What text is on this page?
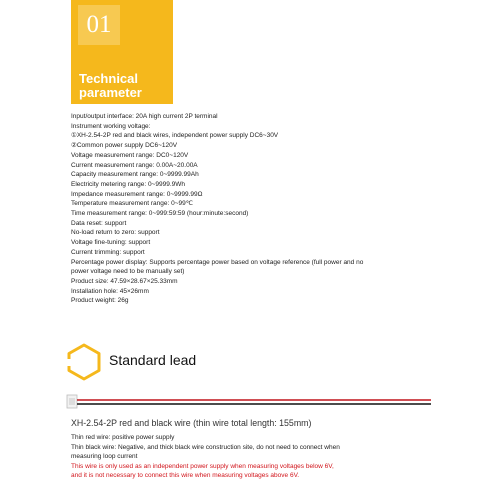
01
Technical parameter
Input/output interface: 20A high current 2P terminal
Instrument working voltage:
①XH-2.54-2P red and black wires, independent power supply DC6~30V
②Common power supply DC6~120V
Voltage measurement range: DC0~120V
Current measurement range: 0.00A~20.00A
Capacity measurement range: 0~9999.99Ah
Electricity metering range: 0~9999.9Wh
Impedance measurement range: 0~9999.99Ω
Temperature measurement range: 0~99℃
Time measurement range: 0~999:59:59 (hour:minute:second)
Data reset: support
No-load return to zero: support
Voltage fine-tuning: support
Current trimming: support
Percentage power display: Supports percentage power based on voltage reference (full power and no power voltage need to be manually set)
Product size: 47.59×28.67×25.33mm
Installation hole: 45×26mm
Product weight: 26g
Standard lead
XH-2.54-2P red and black wire (thin wire total length: 155mm)
Thin red wire: positive power supply
Thin black wire: Negative, and thick black wire construction site, do not need to connect when measuring loop current
This wire is only used as an independent power supply when measuring voltages below 6V,
and it is not necessary to connect this wire when measuring voltages above 6V.
